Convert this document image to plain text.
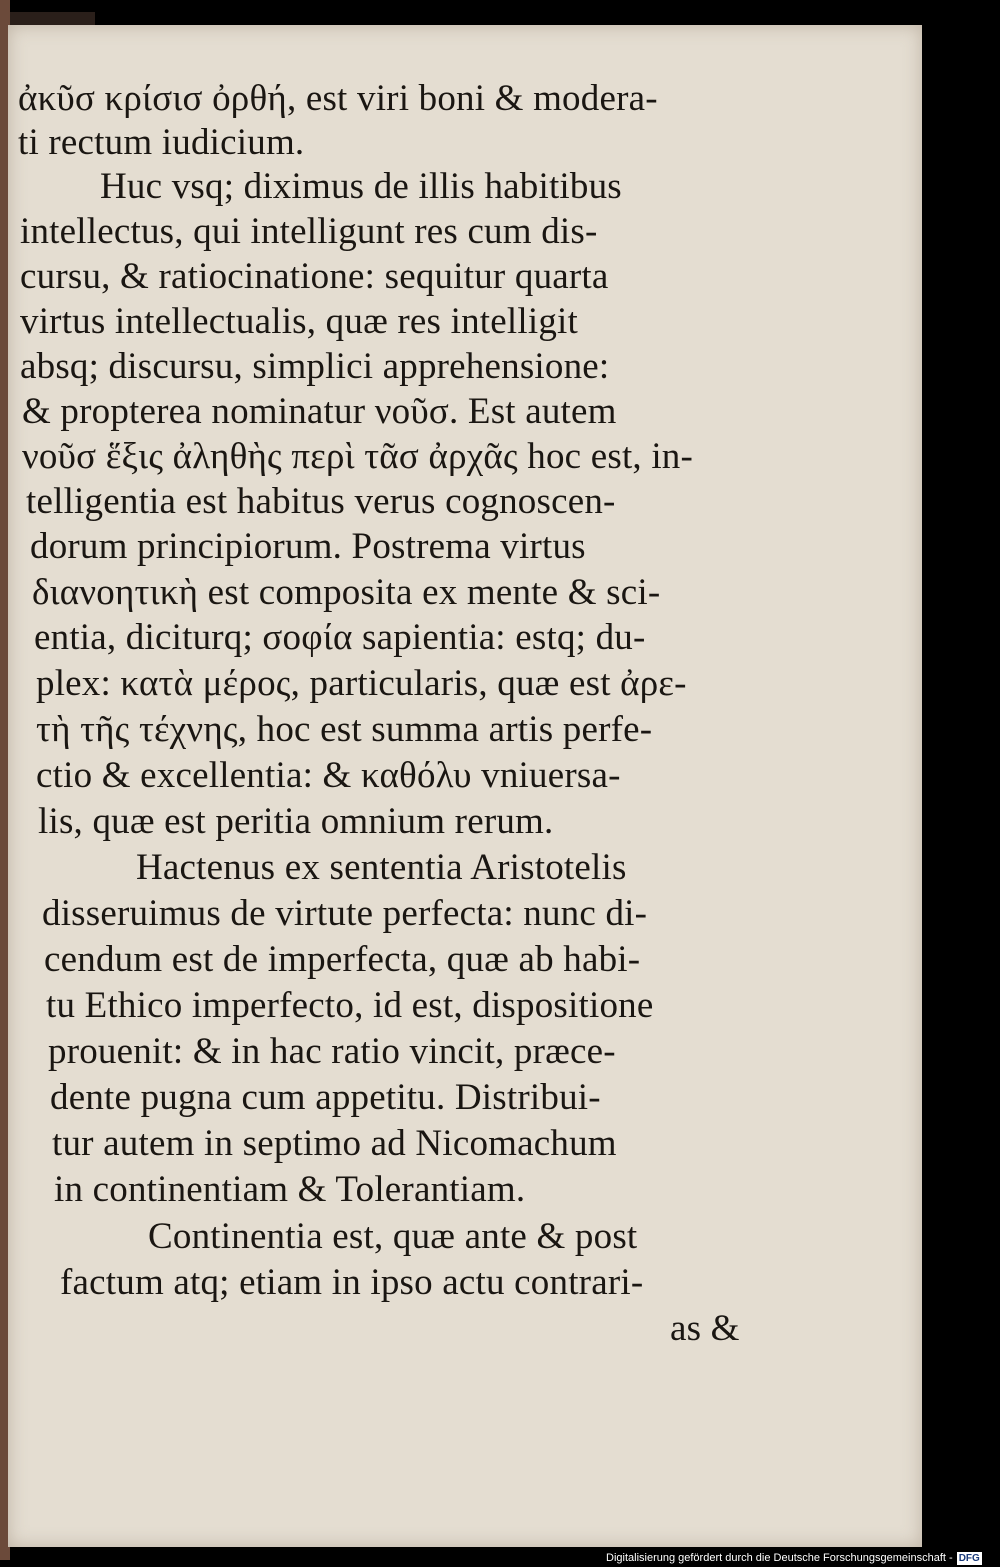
ἀκῦσ κρίσισ ὀρθή, est viri boni & modera-

ti rectum iudicium.

Huc vsq; diximus de illis habitibus

intellectus, qui intelligunt res cum dis-

cursu, & ratiocinatione: sequitur quarta

virtus intellectualis, quæ res intelligit

absq; discursu, simplici apprehensione:

& propterea nominatur νοῦσ. Est autem

νοῦσ ἕξις ἀληθὴς περὶ τᾶσ ἀρχᾶς hoc est, in-

telligentia est habitus verus cognoscen-

dorum principiorum. Postrema virtus

διανοητικὴ est composita ex mente & sci-

entia, diciturq; σοφία sapientia: estq; du-

plex: κατὰ μέρος, particularis, quæ est ἀρε-

τὴ τῆς τέχνης, hoc est summa artis perfe-

ctio & excellentia: & καθόλυ vniuersa-

lis, quæ est peritia omnium rerum.

Hactenus ex sententia Aristotelis

disseruimus de virtute perfecta: nunc di-

cendum est de imperfecta, quæ ab habi-

tu Ethico imperfecto, id est, dispositione

prouenit: & in hac ratio vincit, præce-

dente pugna cum appetitu. Distribui-

tur autem in septimo ad Nicomachum

in continentiam & Tolerantiam.

Continentia est, quæ ante & post

factum atq; etiam in ipso actu contrari-

as &

Digitalisierung gefördert durch die Deutsche Forschungsgemeinschaft - DFG
